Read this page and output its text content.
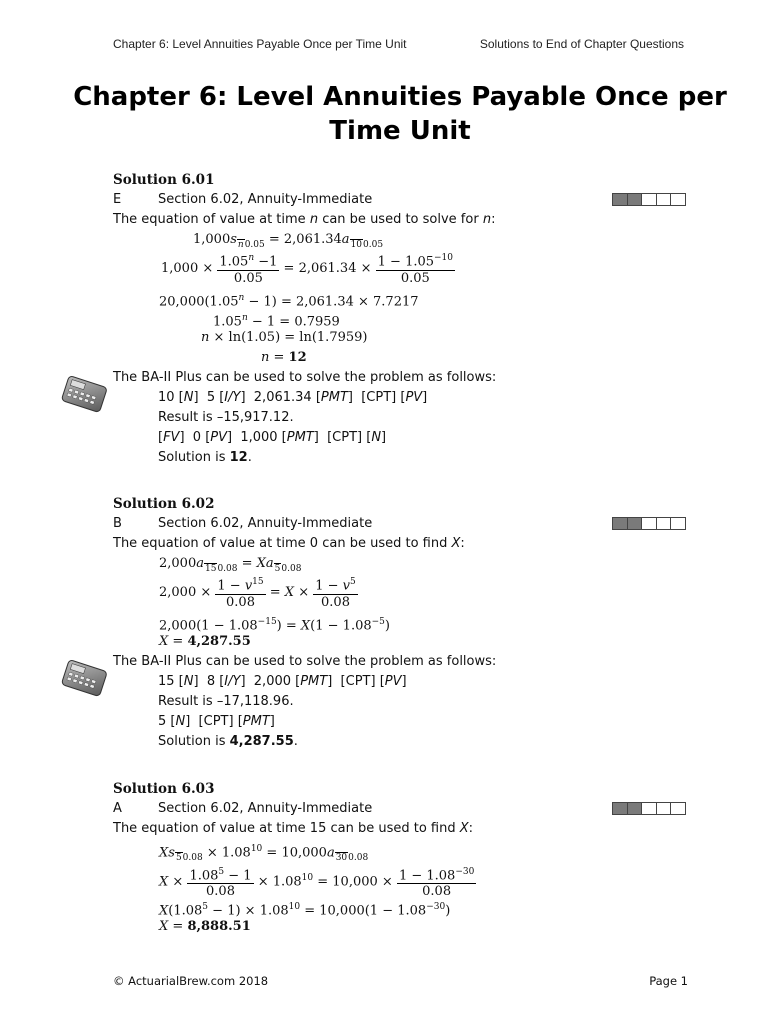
Chapter 6: Level Annuities Payable Once per Time Unit	Solutions to End of Chapter Questions
Chapter 6: Level Annuities Payable Once per Time Unit
Solution 6.01
E	Section 6.02, Annuity-Immediate
The equation of value at time n can be used to solve for n:
$1,000s_{n0.05} = 2,061.34a_{100.05}$
$1,000 \times \frac{1.05^n -1}{0.05} = 2,061.34 \times \frac{1 - 1.05^{-10}}{0.05}$
$20,000(1.05^n - 1) = 2,061.34 \times 7.7217$
$1.05^n - 1 = 0.7959$
n × ln(1.05) = ln(1.7959)
n = 12
The BA-II Plus can be used to solve the problem as follows:
10 [N]  5 [I/Y]  2,061.34 [PMT]  [CPT] [PV]
Result is –15,917.12.
[FV]  0 [PV]  1,000 [PMT]  [CPT] [N]
Solution is 12.
Solution 6.02
B	Section 6.02, Annuity-Immediate
The equation of value at time 0 can be used to find X:
$2,000a_{150.08} = Xa_{50.08}$
$2,000 \times \frac{1 - v^{15}}{0.08} = X \times \frac{1 - v^5}{0.08}$
$2,000(1 - 1.08^{-15}) = X(1 - 1.08^{-5})$
X = 4,287.55
The BA-II Plus can be used to solve the problem as follows:
15 [N]  8 [I/Y]  2,000 [PMT]  [CPT] [PV]
Result is –17,118.96.
5 [N]  [CPT] [PMT]
Solution is 4,287.55.
Solution 6.03
A	Section 6.02, Annuity-Immediate
The equation of value at time 15 can be used to find X:
$Xs_{50.08} \times 1.08^{10} = 10,000a_{300.08}$
$X \times \frac{1.08^5 - 1}{0.08} \times 1.08^{10} = 10,000 \times \frac{1 - 1.08^{-30}}{0.08}$
$X(1.08^5 - 1) \times 1.08^{10} = 10,000(1 - 1.08^{-30})$
X = 8,888.51
© ActuarialBrew.com 2018	Page 1
